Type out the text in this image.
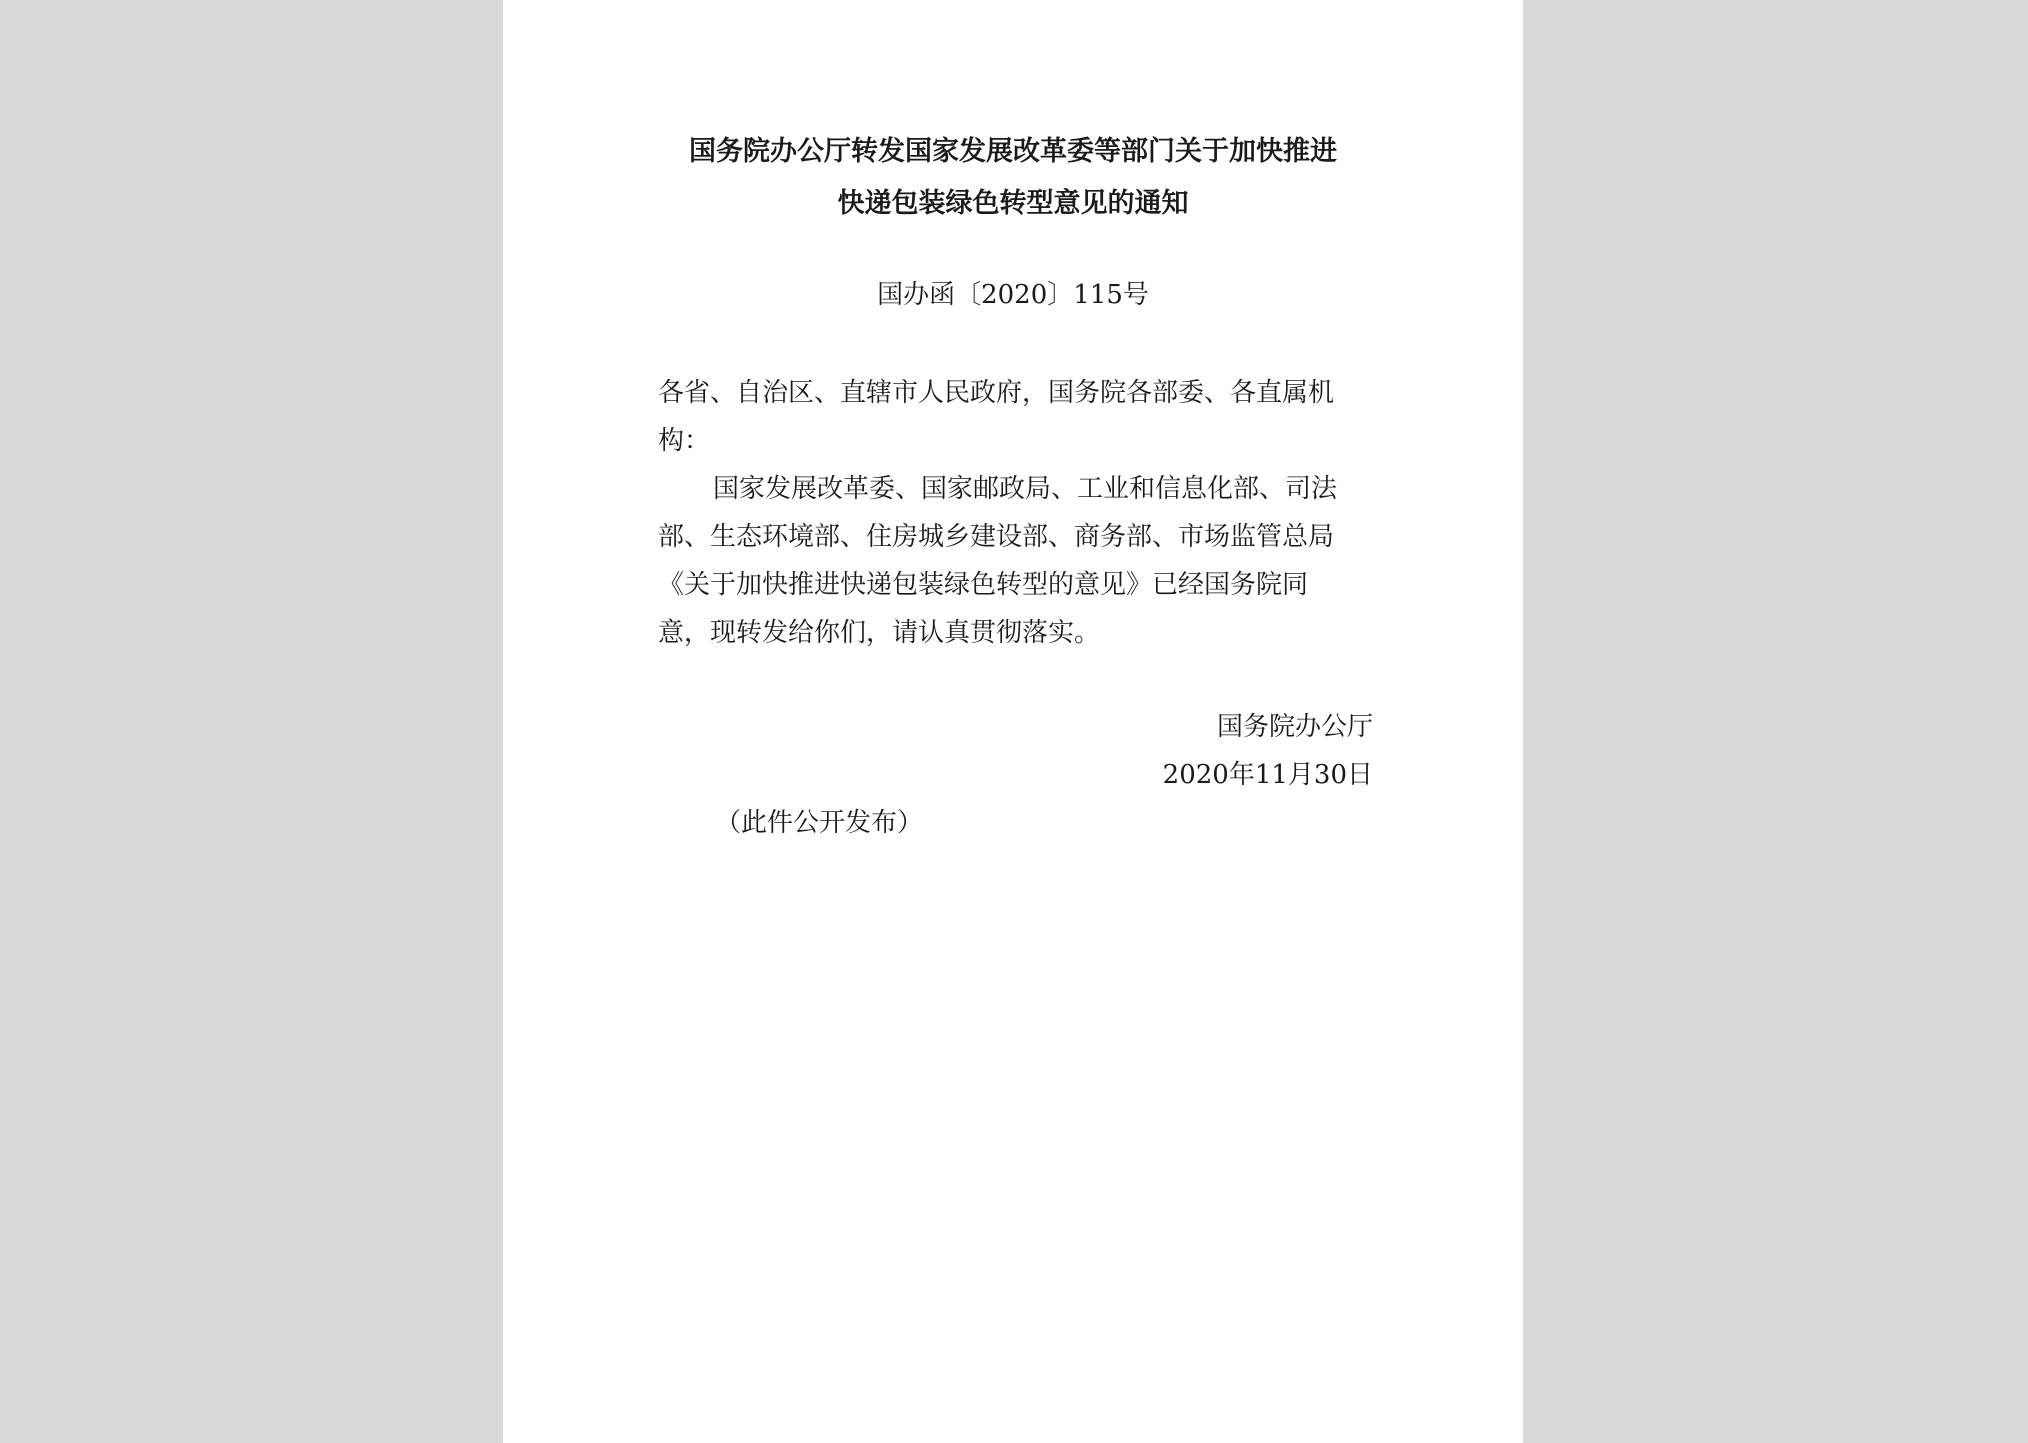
国务院办公厅转发国家发展改革委等部门关于加快推进
快递包装绿色转型意见的通知
国办函〔2020〕115号
各省、自治区、直辖市人民政府，国务院各部委、各直属机
构：
国家发展改革委、国家邮政局、工业和信息化部、司法
部、生态环境部、住房城乡建设部、商务部、市场监管总局
《关于加快推进快递包装绿色转型的意见》已经国务院同
意，现转发给你们，请认真贯彻落实。
国务院办公厅
2020年11月30日
（此件公开发布）
